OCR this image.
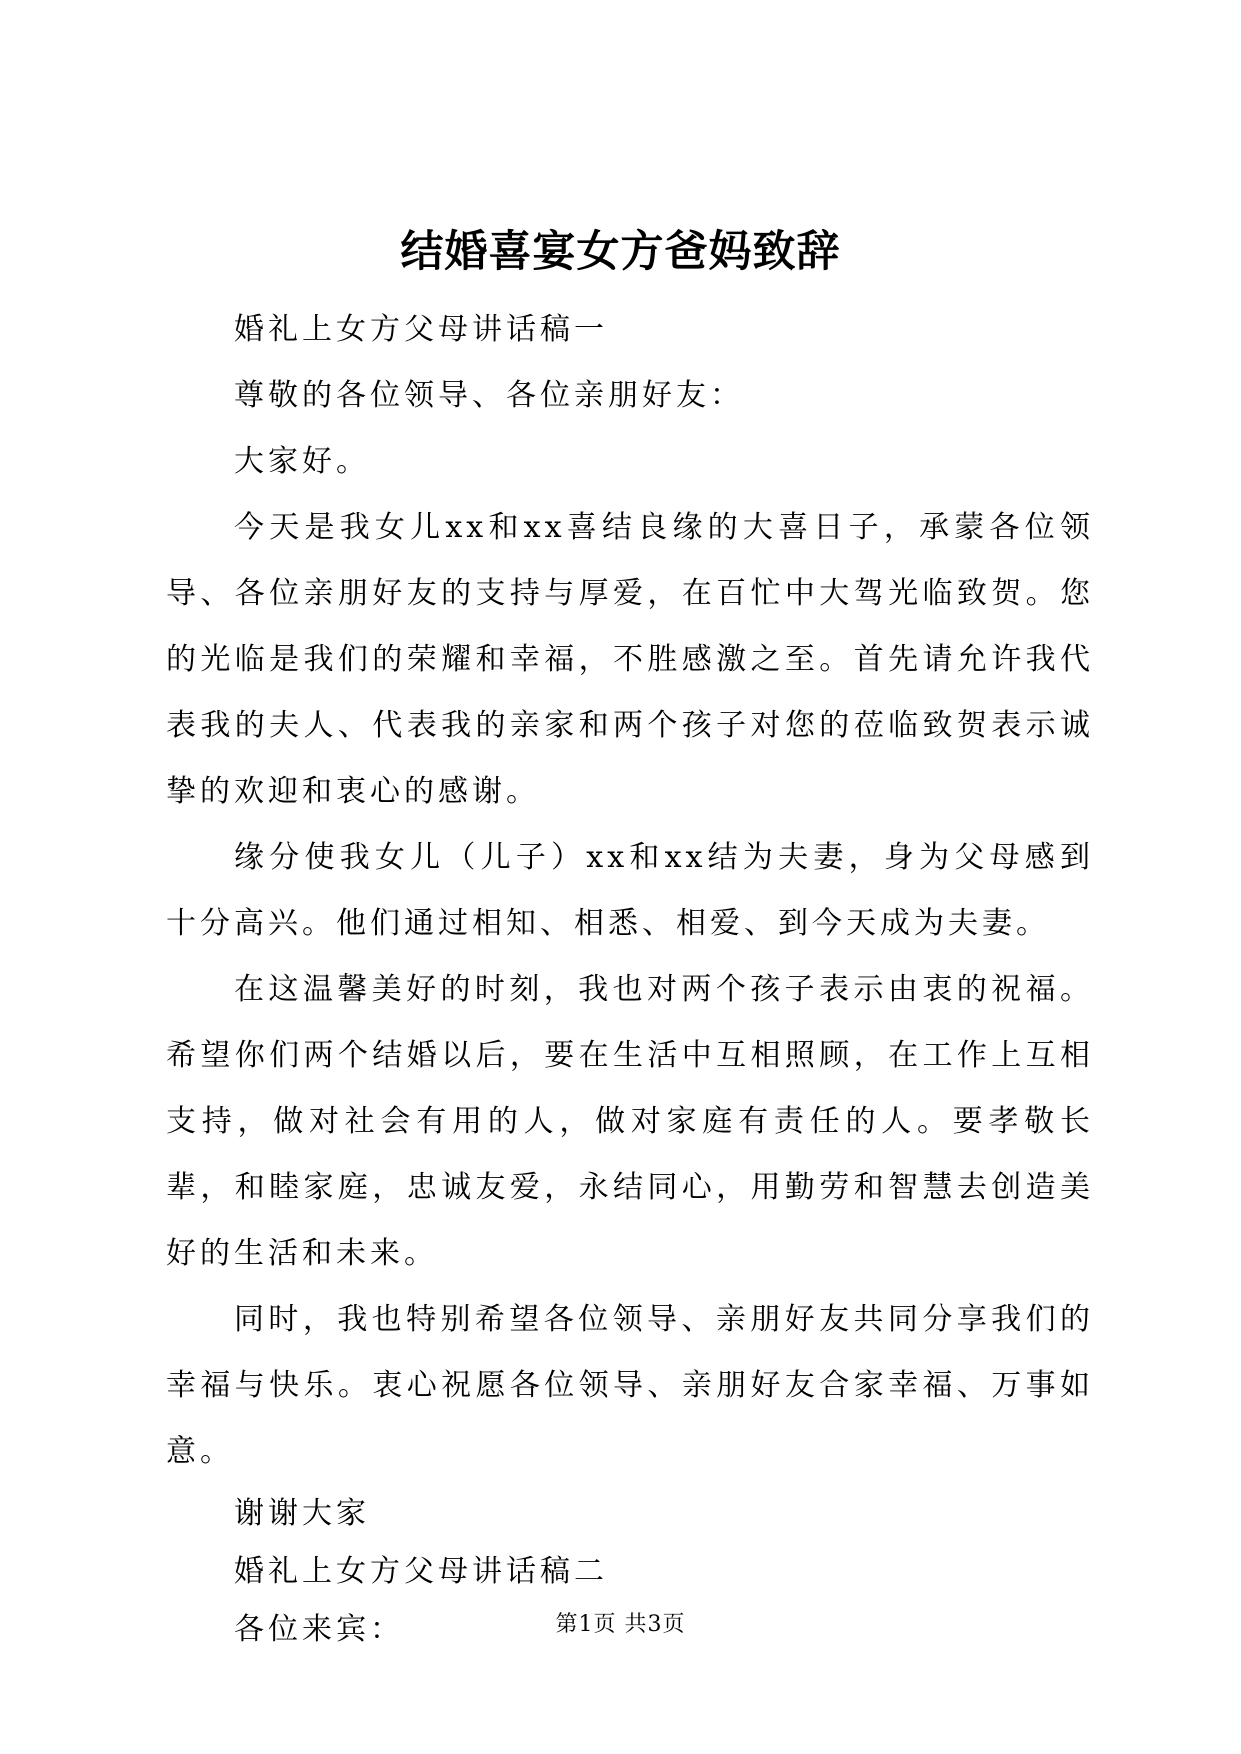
结婚喜宴女方爸妈致辞

婚礼上女方父母讲话稿一

尊敬的各位领导、各位亲朋好友：

大家好。

今天是我女儿xx和xx喜结良缘的大喜日子，承蒙各位领导、各位亲朋好友的支持与厚爱，在百忙中大驾光临致贺。您的光临是我们的荣耀和幸福，不胜感激之至。首先请允许我代表我的夫人、代表我的亲家和两个孩子对您的莅临致贺表示诚挚的欢迎和衷心的感谢。

缘分使我女儿（儿子）xx和xx结为夫妻，身为父母感到十分高兴。他们通过相知、相悉、相爱、到今天成为夫妻。

在这温馨美好的时刻，我也对两个孩子表示由衷的祝福。希望你们两个结婚以后，要在生活中互相照顾，在工作上互相支持，做对社会有用的人，做对家庭有责任的人。要孝敬长辈，和睦家庭，忠诚友爱，永结同心，用勤劳和智慧去创造美好的生活和未来。

同时，我也特别希望各位领导、亲朋好友共同分享我们的幸福与快乐。衷心祝愿各位领导、亲朋好友合家幸福、万事如意。

谢谢大家

婚礼上女方父母讲话稿二

各位来宾：	第1页 共3页
